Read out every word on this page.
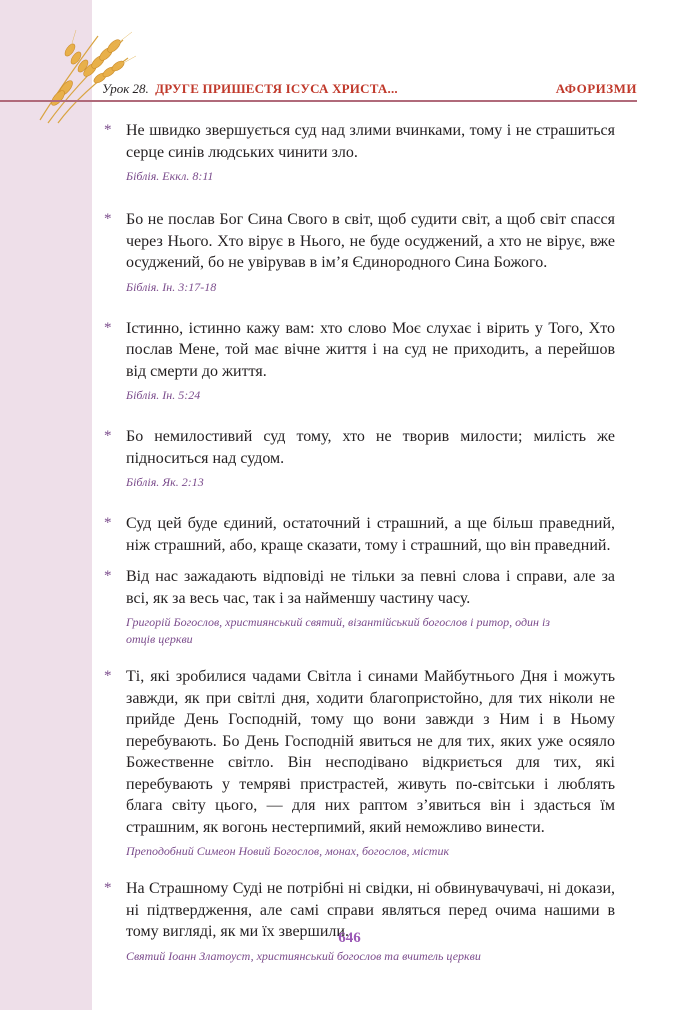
Урок 28. ДРУГЕ ПРИШЕСТЯ ІСУСА ХРИСТА...	АФОРИЗМИ
* Не швидко звершується суд над злими вчинками, тому і не страшиться серце синів людських чинити зло.
Біблія. Еккл. 8:11
* Бо не послав Бог Сина Свого в світ, щоб судити світ, а щоб світ спасся через Нього. Хто вірує в Нього, не буде осуджений, а хто не вірує, вже осуджений, бо не увірував в ім’я Єдинородного Сина Божого.
Біблія. Ін. 3:17-18
* Істинно, істинно кажу вам: хто слово Моє слухає і вірить у Того, Хто послав Мене, той має вічне життя і на суд не приходить, а перейшов від смерти до життя.
Біблія. Ін. 5:24
* Бо немилостивий суд тому, хто не творив милости; милість же підноситься над судом.
Біблія. Як. 2:13
* Суд цей буде єдиний, остаточний і страшний, а ще більш праведний, ніж страшний, або, краще сказати, тому і страшний, що він праведний.
* Від нас зажадають відповіді не тільки за певні слова і справи, але за всі, як за весь час, так і за найменшу частину часу.
Григорій Богослов, християнський святий, візантійський богослов і ритор, один із отців церкви
* Ті, які зробилися чадами Світла і синами Майбутнього Дня і можуть завжди, як при світлі дня, ходити благопристойно, для тих ніколи не прийде День Господній, тому що вони завжди з Ним і в Ньому перебувають. Бо День Господній явиться не для тих, яких уже осяяло Божественне світло. Він несподівано відкриється для тих, які перебувають у темряві пристрастей, живуть по-світськи і люблять блага світу цього, — для них раптом з’явиться він і здасться їм страшним, як вогонь нестерпимий, який неможливо винести.
Преподобний Симеон Новий Богослов, монах, богослов, містик
* На Страшному Суді не потрібні ні свідки, ні обвинувачувачі, ні докази, ні підтвердження, але самі справи являться перед очима нашими в тому вигляді, як ми їх звершили.
Святий Іоанн Златоуст, християнський богослов та вчитель церкви
646
